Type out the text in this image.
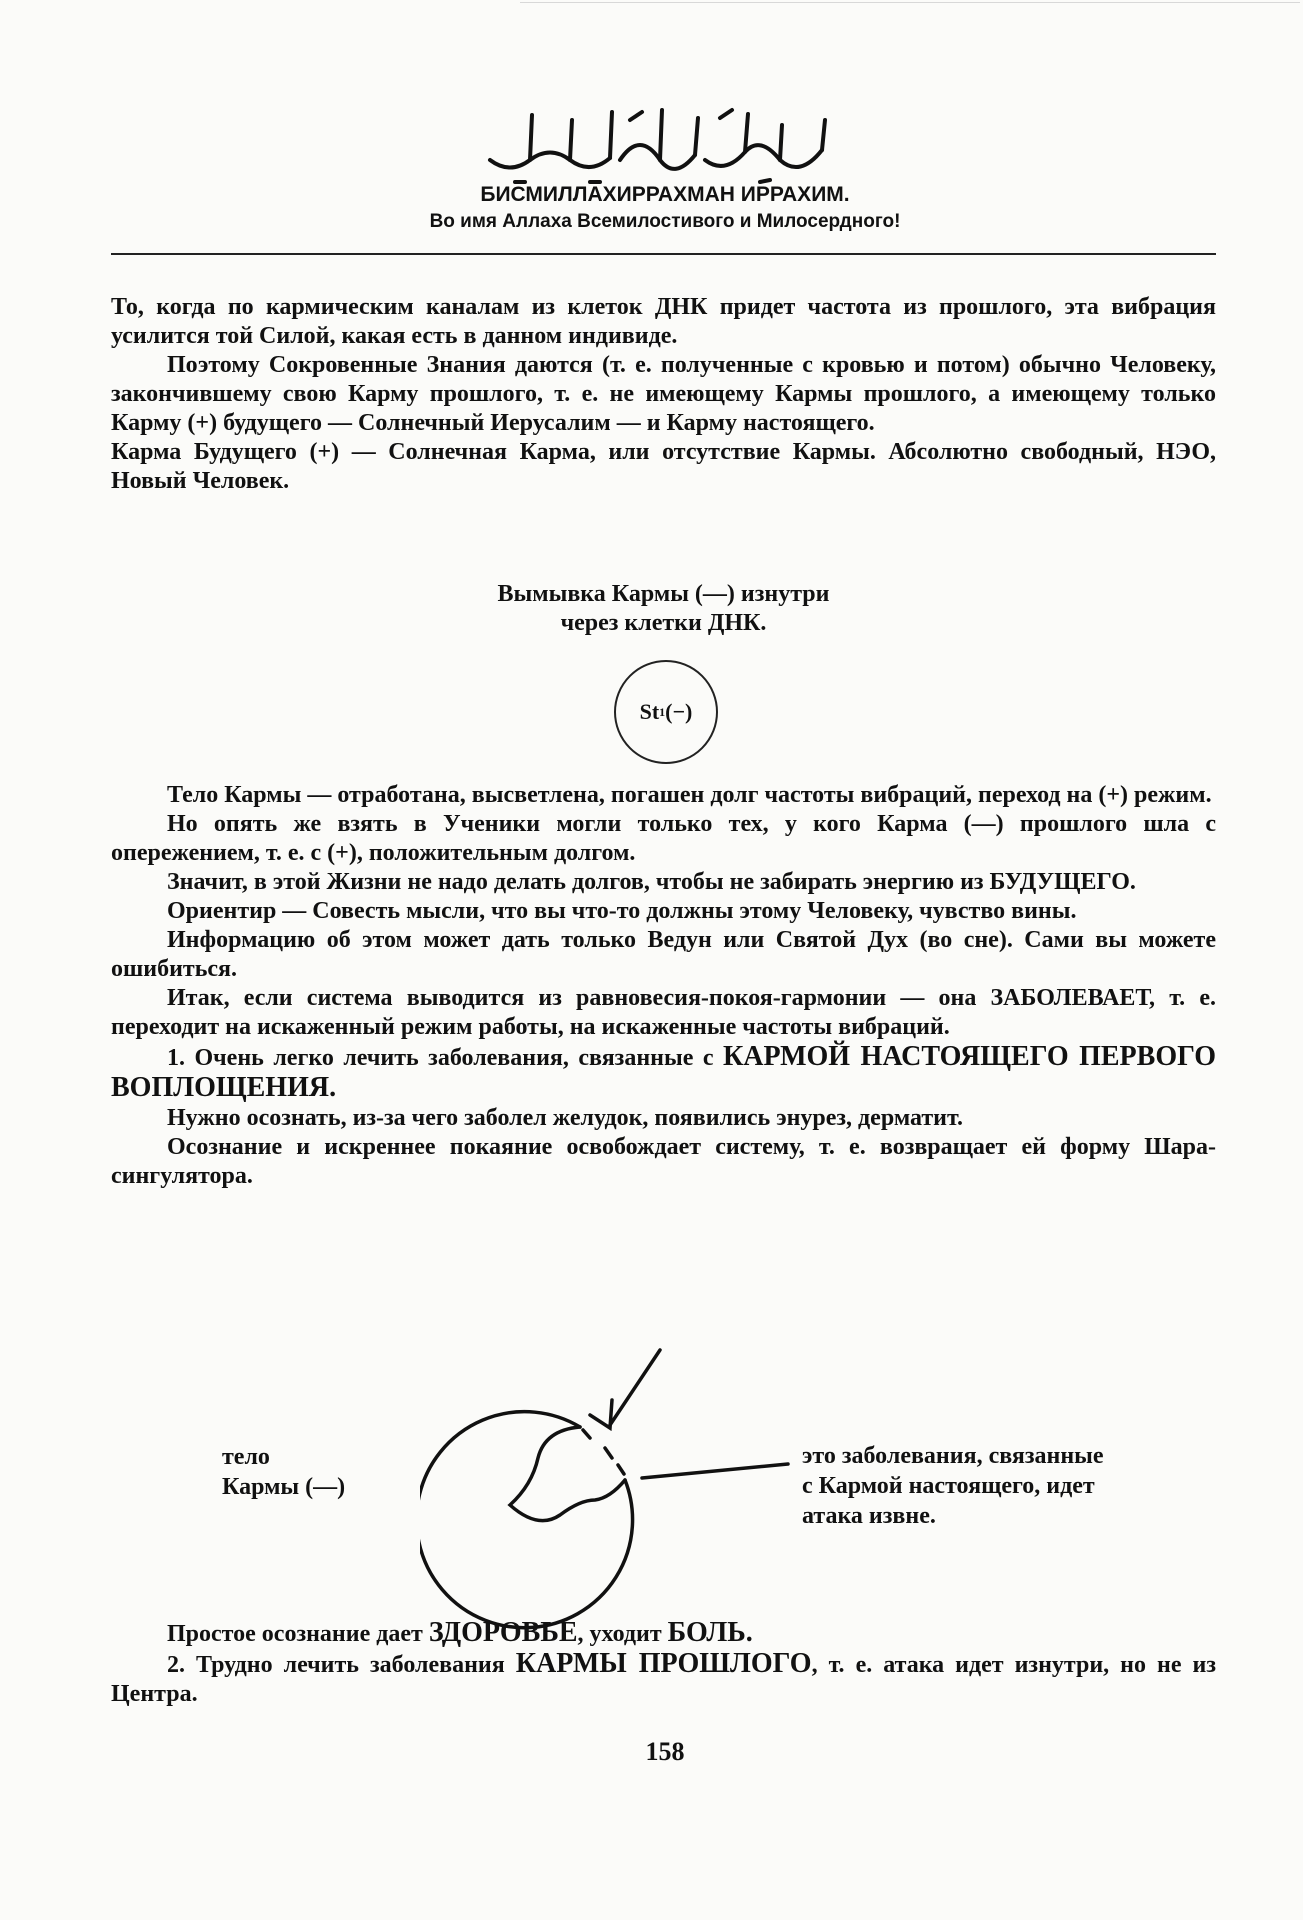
БИСМИЛЛАХИРРАХМАН ИРРАХИМ.
Во имя Аллаха Всемилостивого и Милосердного!

То, когда по кармическим каналам из клеток ДНК придет частота из прошлого, эта вибрация усилится той Силой, какая есть в данном индивиде.

Поэтому Сокровенные Знания даются (т. е. полученные с кровью и потом) обычно Человеку, закончившему свою Карму прошлого, т. е. не имеющему Кармы прошлого, а имеющему только Карму (+) будущего — Солнечный Иерусалим — и Карму настоящего.

Карма Будущего (+) — Солнечная Карма, или отсутствие Кармы. Абсолютно свободный, НЭО, Новый Человек.

Вымывка Кармы (—) изнутри
через клетки ДНК.
St 1 (−)

Тело Кармы — отработана, высветлена, погашен долг частоты вибраций, переход на (+) режим.

Но опять же взять в Ученики могли только тех, у кого Карма (—) прошлого шла с опережением, т. е. с (+), положительным долгом.

Значит, в этой Жизни не надо делать долгов, чтобы не забирать энергию из БУДУЩЕГО.

Ориентир — Совесть мысли, что вы что-то должны этому Человеку, чувство вины.

Информацию об этом может дать только Ведун или Святой Дух (во сне). Сами вы можете ошибиться.

Итак, если система выводится из равновесия-покоя-гармонии — она ЗАБОЛЕВАЕТ, т. е. переходит на искаженный режим работы, на искаженные частоты вибраций.

1. Очень легко лечить заболевания, связанные с КАРМОЙ НАСТОЯЩЕГО ПЕРВОГО ВОПЛОЩЕНИЯ.

Нужно осознать, из-за чего заболел желудок, появились энурез, дерматит.

Осознание и искреннее покаяние освобождает систему, т. е. возвращает ей форму Шара-сингулятора.

тело
Кармы (—)
это заболевания, связанные
с Кармой настоящего, идет
атака извне.

Простое осознание дает ЗДОРОВЬЕ, уходит БОЛЬ.

2. Трудно лечить заболевания КАРМЫ ПРОШЛОГО, т. е. атака идет изнутри, но не из Центра.

158
